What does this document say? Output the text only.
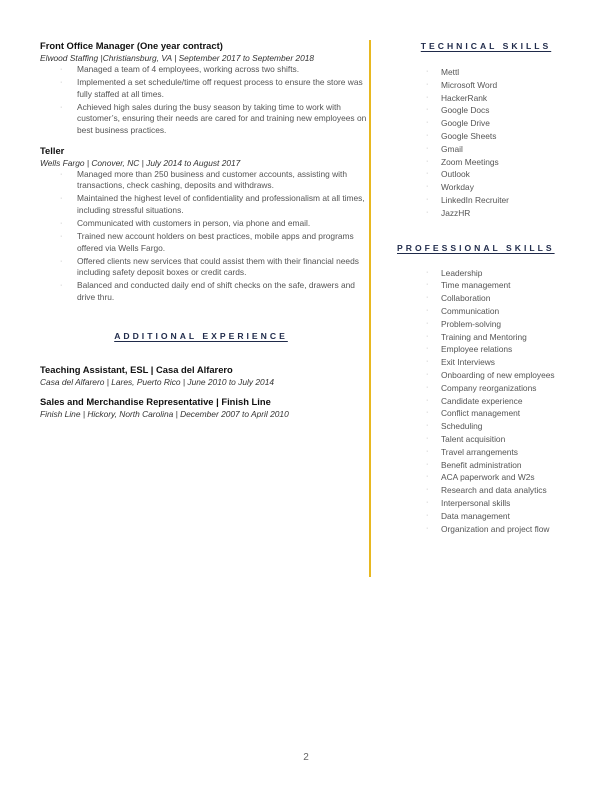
Front Office Manager (One year contract)
Elwood Staffing |Christiansburg, VA | September 2017 to September 2018
· Managed a team of 4 employees, working across two shifts.
· Implemented a set schedule/time off request process to ensure the store was fully staffed at all times.
· Achieved high sales during the busy season by taking time to work with customer’s, ensuring their needs are cared for and training new employees on best business practices.
Teller
Wells Fargo | Conover, NC | July 2014 to August 2017
· Managed more than 250 business and customer accounts, assisting with transactions, check cashing, deposits and withdraws.
· Maintained the highest level of confidentiality and professionalism at all times, including stressful situations.
· Communicated with customers in person, via phone and email.
· Trained new account holders on best practices, mobile apps and programs offered via Wells Fargo.
· Offered clients new services that could assist them with their financial needs including safety deposit boxes or credit cards.
· Balanced and conducted daily end of shift checks on the safe, drawers and drive thru.
ADDITIONAL EXPERIENCE
Teaching Assistant, ESL | Casa del Alfarero
Casa del Alfarero | Lares, Puerto Rico | June 2010 to July 2014
Sales and Merchandise Representative | Finish Line
Finish Line | Hickory, North Carolina | December 2007 to April 2010
TECHNICAL SKILLS
· Mettl
· Microsoft Word
· HackerRank
· Google Docs
· Google Drive
· Google Sheets
· Gmail
· Zoom Meetings
· Outlook
· Workday
· LinkedIn Recruiter
· JazzHR
PROFESSIONAL SKILLS
· Leadership
· Time management
· Collaboration
· Communication
· Problem-solving
· Training and Mentoring
· Employee relations
· Exit Interviews
· Onboarding of new employees
· Company reorganizations
· Candidate experience
· Conflict management
· Scheduling
· Talent acquisition
· Travel arrangements
· Benefit administration
· ACA paperwork and W2s
· Research and data analytics
· Interpersonal skills
· Data management
· Organization and project flow
2
